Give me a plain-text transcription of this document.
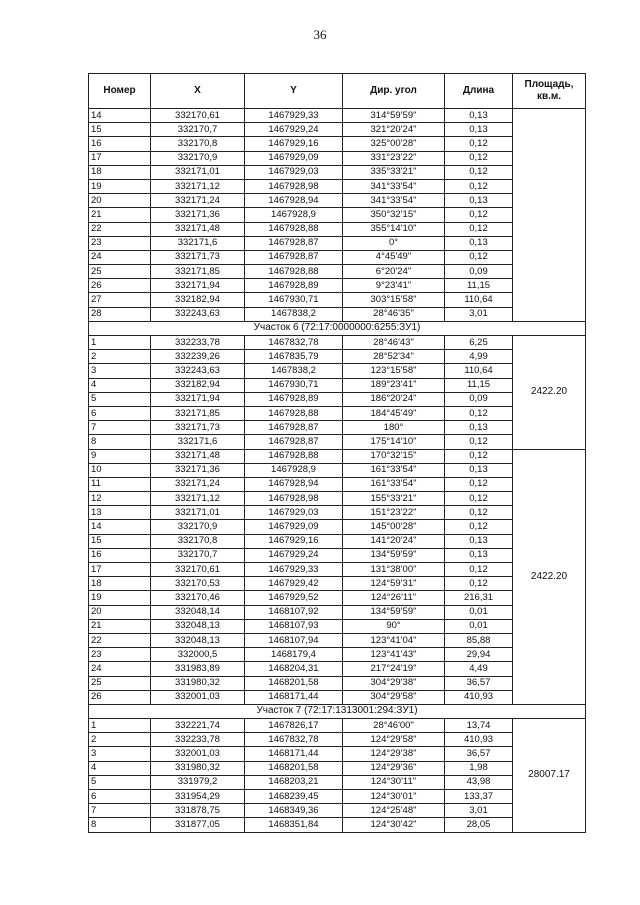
36
Номер	X	Y	Дир. угол	Длина	Площадь, кв.м.
14	332170,61	1467929,33	314°59'59"	0,13	
15	332170,7	1467929,24	321°20'24"	0,13	
16	332170,8	1467929,16	325°00'28"	0,12	
17	332170,9	1467929,09	331°23'22"	0,12	
18	332171,01	1467929,03	335°33'21"	0,12	
19	332171,12	1467928,98	341°33'54"	0,12	
20	332171,24	1467928,94	341°33'54"	0,13	
21	332171,36	1467928,9	350°32'15"	0,12	
22	332171,48	1467928,88	355°14'10"	0,12	
23	332171,6	1467928,87	0°	0,13	
24	332171,73	1467928,87	4°45'49"	0,12	
25	332171,85	1467928,88	6°20'24"	0,09	
26	332171,94	1467928,89	9°23'41"	11,15	
27	332182,94	1467930,71	303°15'58"	110,64	
28	332243,63	1467838,2	28°46'35"	3,01	
Участок 6 (72:17:0000000:6255:ЗУ1)					
1	332233,78	1467832,78	28°46'43"	6,25	2422.20
2	332239,26	1467835,79	28°52'34"	4,99	
3	332243,63	1467838,2	123°15'58"	110,64	
4	332182,94	1467930,71	189°23'41"	11,15	
5	332171,94	1467928,89	186°20'24"	0,09	
6	332171,85	1467928,88	184°45'49"	0,12	
7	332171,73	1467928,87	180°	0,13	
8	332171,6	1467928,87	175°14'10"	0,12	
9	332171,48	1467928,88	170°32'15"	0,12	2422.20
10	332171,36	1467928,9	161°33'54"	0,13	
11	332171,24	1467928,94	161°33'54"	0,12	
12	332171,12	1467928,98	155°33'21"	0,12	
13	332171,01	1467929,03	151°23'22"	0,12	
14	332170,9	1467929,09	145°00'28"	0,12	
15	332170,8	1467929,16	141°20'24"	0,13	
16	332170,7	1467929,24	134°59'59"	0,13	
17	332170,61	1467929,33	131°38'00"	0,12	
18	332170,53	1467929,42	124°59'31"	0,12	
19	332170,46	1467929,52	124°26'11"	216,31	
20	332048,14	1468107,92	134°59'59"	0,01	
21	332048,13	1468107,93	90°	0,01	
22	332048,13	1468107,94	123°41'04"	85,88	
23	332000,5	1468179,4	123°41'43"	29,94	
24	331983,89	1468204,31	217°24'19"	4,49	
25	331980,32	1468201,58	304°29'38"	36,57	
26	332001,03	1468171,44	304°29'58"	410,93	
Участок 7 (72:17:1313001:294:ЗУ1)					
1	332221,74	1467826,17	28°46'00"	13,74	28007.17
2	332233,78	1467832,78	124°29'58"	410,93	
3	332001,03	1468171,44	124°29'38"	36,57	
4	331980,32	1468201,58	124°29'36"	1,98	
5	331979,2	1468203,21	124°30'11"	43,98	
6	331954,29	1468239,45	124°30'01"	133,37	
7	331878,75	1468349,36	124°25'48"	3,01	
8	331877,05	1468351,84	124°30'42"	28,05	
